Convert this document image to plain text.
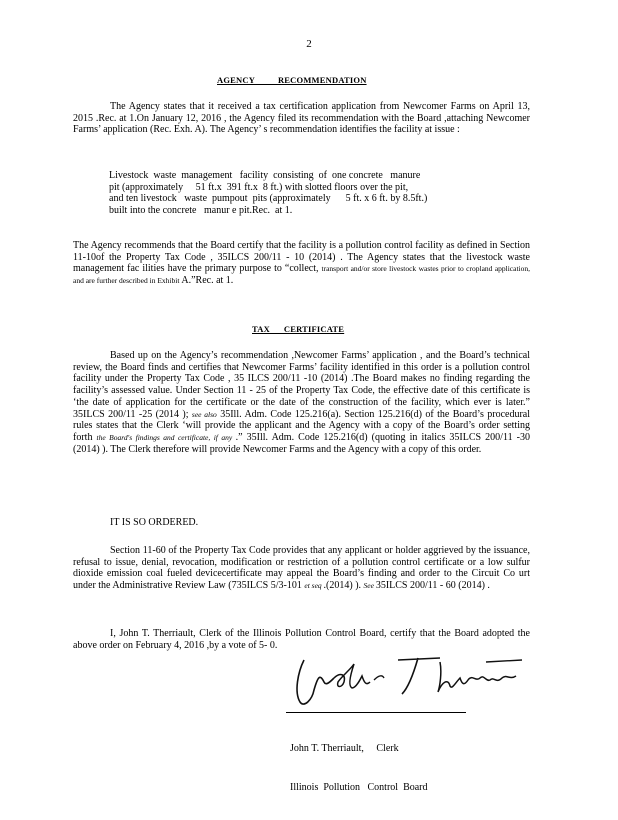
2
AGENCY          RECOMMENDATION
The Agency states that it received a tax certification application from Newcomer Farms on April 13, 2015 .Rec. at 1.On January 12, 2016 , the Agency filed its recommendation with the Board ,attaching Newcomer Farms’ application (Rec. Exh. A). The Agency’ s recommendation identifies the facility at issue :
Livestock  waste  management   facility  consisting  of  one concrete   manure
pit (approximately     51 ft.x  391 ft.x  8 ft.) with slotted floors over the pit,
and ten livestock   waste  pumpout  pits (approximately      5 ft. x 6 ft. by 8.5ft.)
built into the concrete   manur e pit.Rec.  at 1.
The Agency recommends that the Board certify that the facility is a pollution control facility as defined in Section 11-10of the Property Tax Code , 35ILCS 200/11 - 10 (2014) . The Agency states that the livestock waste management fac ilities have the primary purpose to “collect, transport and/or store livestock wastes prior to cropland application, and are further described in Exhibit A.”Rec. at 1.
TAX      CERTIFICATE
Based up on the Agency’s recommendation ,Newcomer Farms’ application , and the Board’s technical review, the Board finds and certifies that Newcomer Farms’ facility identified in this order is a pollution control facility under the Property Tax Code , 35 ILCS 200/11 -10 (2014) .The Board makes no finding regarding the facility’s assessed value. Under Section 11 - 25 of the Property Tax Code, the effective date of this certificate is ‘the date of application for the certificate or the date of the construction of the facility, which ever is later.” 35ILCS 200/11 -25 (2014 ); see also 35Ill. Adm. Code 125.216(a). Section 125.216(d) of the Board’s procedural rules states that the Clerk ‘will provide the applicant and the Agency with a copy of the Board’s order setting forth the Board's findings and certificate, if any .” 35Ill. Adm. Code 125.216(d) (quoting in italics 35ILCS 200/11 -30 (2014) ). The Clerk therefore will provide Newcomer Farms and the Agency with a copy of this order.
IT IS SO ORDERED.
Section 11-60 of the Property Tax Code provides that any applicant or holder aggrieved by the issuance, refusal to issue, denial, revocation, modification or restriction of a pollution control certificate or a low sulfur dioxide emission coal fueled devicecertificate may appeal the Board’s finding and order to the Circuit Co urt under the Administrative Review Law (735ILCS 5/3-101 et seq .(2014) ). See 35ILCS 200/11 - 60 (2014) .
I, John T. Therriault, Clerk of the Illinois Pollution Control Board, certify that the Board adopted the above order on February 4, 2016 ,by a vote of 5- 0.

John T. Therriault,     Clerk

Illinois  Pollution   Control  Board
